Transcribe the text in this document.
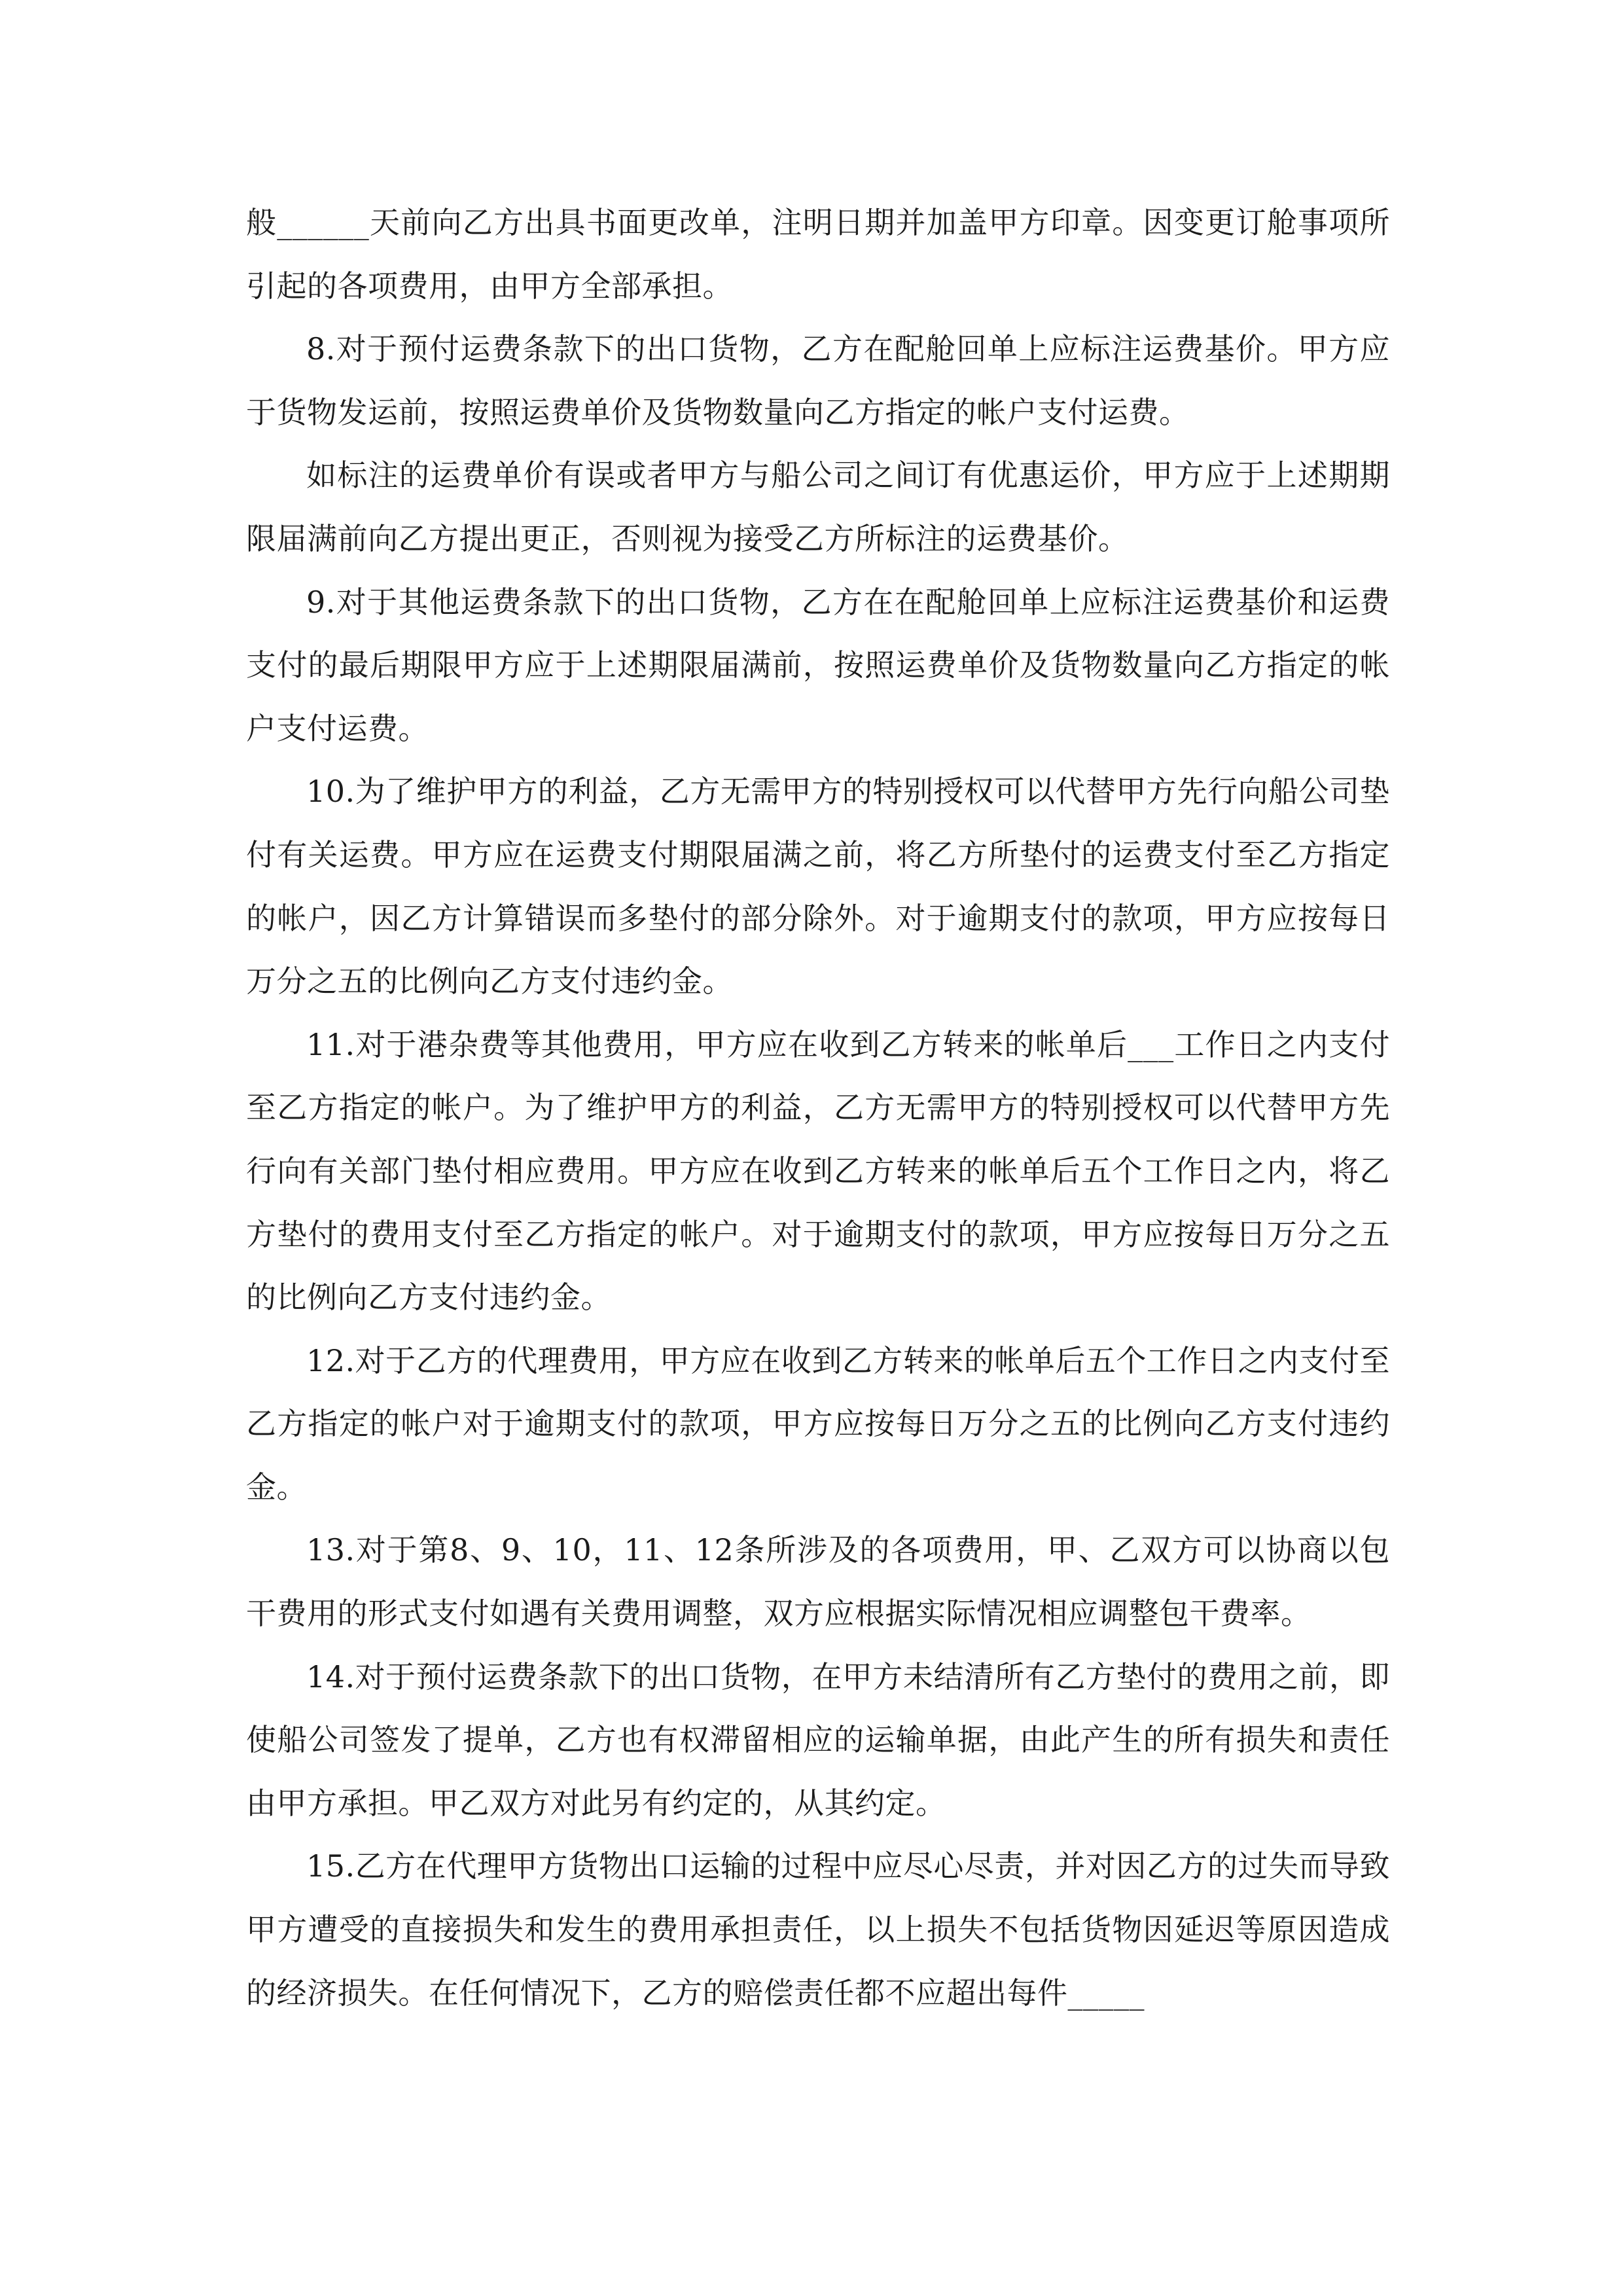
般______天前向乙方出具书面更改单，注明日期并加盖甲方印章。因变更订舱事项所引起的各项费用，由甲方全部承担。

8.对于预付运费条款下的出口货物，乙方在配舱回单上应标注运费基价。甲方应于货物发运前，按照运费单价及货物数量向乙方指定的帐户支付运费。

如标注的运费单价有误或者甲方与船公司之间订有优惠运价，甲方应于上述期期限届满前向乙方提出更正，否则视为接受乙方所标注的运费基价。

9.对于其他运费条款下的出口货物，乙方在在配舱回单上应标注运费基价和运费支付的最后期限甲方应于上述期限届满前，按照运费单价及货物数量向乙方指定的帐户支付运费。

10.为了维护甲方的利益，乙方无需甲方的特别授权可以代替甲方先行向船公司垫付有关运费。甲方应在运费支付期限届满之前，将乙方所垫付的运费支付至乙方指定的帐户，因乙方计算错误而多垫付的部分除外。对于逾期支付的款项，甲方应按每日万分之五的比例向乙方支付违约金。

11.对于港杂费等其他费用，甲方应在收到乙方转来的帐单后___工作日之内支付至乙方指定的帐户。为了维护甲方的利益，乙方无需甲方的特别授权可以代替甲方先行向有关部门垫付相应费用。甲方应在收到乙方转来的帐单后五个工作日之内，将乙方垫付的费用支付至乙方指定的帐户。对于逾期支付的款项，甲方应按每日万分之五的比例向乙方支付违约金。

12.对于乙方的代理费用，甲方应在收到乙方转来的帐单后五个工作日之内支付至乙方指定的帐户对于逾期支付的款项，甲方应按每日万分之五的比例向乙方支付违约金。

13.对于第8、9、10，11、12条所涉及的各项费用，甲、乙双方可以协商以包干费用的形式支付如遇有关费用调整，双方应根据实际情况相应调整包干费率。

14.对于预付运费条款下的出口货物，在甲方未结清所有乙方垫付的费用之前，即使船公司签发了提单，乙方也有权滞留相应的运输单据，由此产生的所有损失和责任由甲方承担。甲乙双方对此另有约定的，从其约定。

15.乙方在代理甲方货物出口运输的过程中应尽心尽责，并对因乙方的过失而导致甲方遭受的直接损失和发生的费用承担责任，以上损失不包括货物因延迟等原因造成的经济损失。在任何情况下，乙方的赔偿责任都不应超出每件_____
